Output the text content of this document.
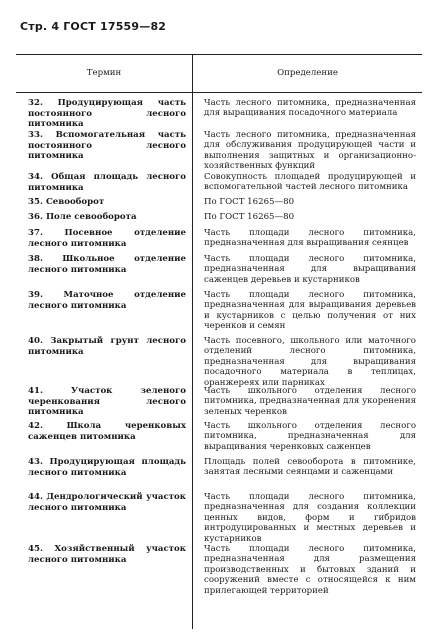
Стр. 4 ГОСТ 17559—82
Термин	Определение
32. Продуцирующая часть постоянного лесного питомника
Часть лесного питомника, предназначенная для выращивания посадочного материала
33. Вспомогательная часть постоянного лесного питомника
Часть лесного питомника, предназначенная для обслуживания продуцирующей части и выполнения защитных и организационно-хозяйственных функций
34. Общая площадь лесного питомника
Совокупность площадей продуцирующей и вспомогательной частей лесного питомника
35. Севооборот	По ГОСТ 16265—80
36. Поле севооборота	По ГОСТ 16265—80
37. Посевное отделение лесного питомника
Часть площади лесного питомника, предназначенная для выращивания сеянцев
38. Школьное отделение лесного питомника
Часть площади лесного питомника, предназначенная для выращивания саженцев деревьев и кустарников
39. Маточное отделение лесного питомника
Часть площади лесного питомника, предназначенная для выращивания деревьев и кустарников с целью получения от них черенков и семян
40. Закрытый грунт лесного питомника
Часть посевного, школьного или маточного отделений лесного питомника, предназначенная для выращивания посадочного материала в теплицах, оранжереях или парниках
41. Участок зеленого черенкования лесного питомника
Часть школьного отделения лесного питомника, предназначенная для укоренения зеленых черенков
42. Школа черенковых саженцев питомника
Часть школьного отделения лесного питомника, предназначенная для выращивания черенковых саженцев
43. Продуцирующая площадь лесного питомника
Площадь полей севооборота в питомнике, занятая лесными сеянцами и саженцами
44. Дендрологический участок лесного питомника
Часть площади лесного питомника, предназначенная для создания коллекции ценных видов, форм и гибридов интродуцированных и местных деревьев и кустарников
45. Хозяйственный участок лесного питомника
Часть площади лесного питомника, предназначенная для размещения производственных и бытовых зданий и сооружений вместе с относящейся к ним прилегающей территорией
